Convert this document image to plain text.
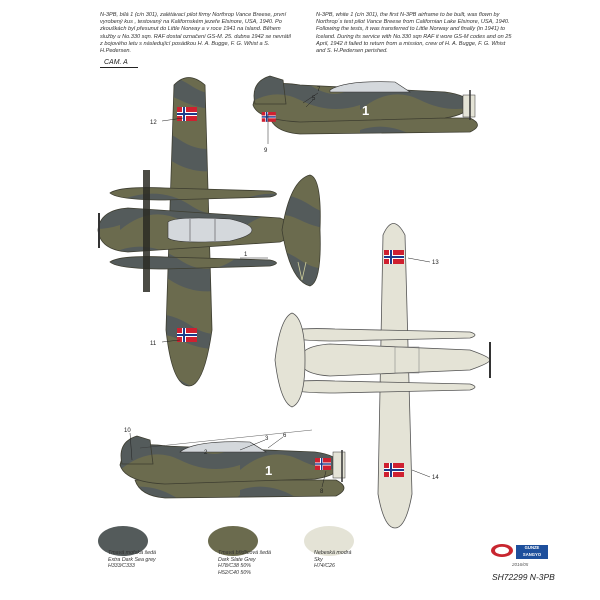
N-3PB, bílá 1 (c/n 301), zalétávací pilot firmy Northrop Vance Breese, první vyrobený kus , testovaný na Kalifornském jezeře Elsinore, USA, 1940. Po zkouškách byl přesunut do Little Norway a v roce 1941 na Island. Během služby u No.330 sqn. RAF dostal označení GS-M. 25. dubna 1942 se nevrátil z bojového letu s následující posádkou H. A. Bugge, F. G. Whist a S. H.Pedersen.
N-3PB, white 1 (c/n 301), the first N-3PB airframe to be built, was flown by Northrop´s test pilot Vance Breese from Californian Lake Elsinore, USA, 1940. Following the tests, it was transferred to Little Norway and finally (in 1941) to Iceland. During its service with No.330 sqn RAF it wore GS-M codes and on 25 April, 1942 it failed to return from a mission, crew of H. A. Bugge, F. G. Whist and S. H.Pedersen perished.
CAM. A
1
1
12
11
1
9
7
5
13
14
10
3 6
8
2
Tmavá mořská šedá
Extra Dark Sea grey
H333/C333
Tmavá břidlicová šedá
Dark Slate Grey
H78/C38 50%
H52/C40 50%
Nebeská modrá
Sky
H74/C26
GUNZE SANGYO
2016/05
SH72299 N-3PB
